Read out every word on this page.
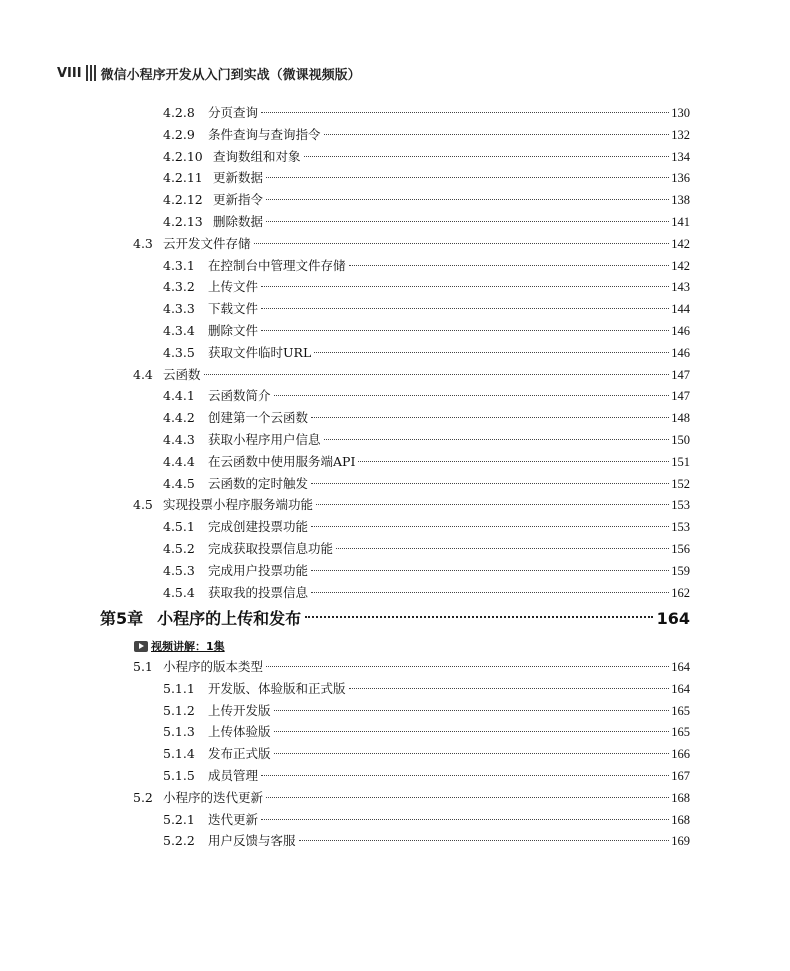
VIII 微信小程序开发从入门到实战（微课视频版）
4.2.8	分页查询	130
4.2.9	条件查询与查询指令	132
4.2.10 查询数组和对象	134
4.2.11 更新数据	136
4.2.12 更新指令	138
4.2.13 删除数据	141
4.3 云开发文件存储	142
4.3.1	在控制台中管理文件存储	142
4.3.2	上传文件	143
4.3.3	下载文件	144
4.3.4	删除文件	146
4.3.5	获取文件临时URL	146
4.4 云函数	147
4.4.1	云函数简介	147
4.4.2	创建第一个云函数	148
4.4.3	获取小程序用户信息	150
4.4.4	在云函数中使用服务端API	151
4.4.5	云函数的定时触发	152
4.5 实现投票小程序服务端功能	153
4.5.1	完成创建投票功能	153
4.5.2	完成获取投票信息功能	156
4.5.3	完成用户投票功能	159
4.5.4	获取我的投票信息	162
第5章 小程序的上传和发布	164
视频讲解：1集
5.1 小程序的版本类型	164
5.1.1	开发版、体验版和正式版	164
5.1.2	上传开发版	165
5.1.3	上传体验版	165
5.1.4	发布正式版	166
5.1.5	成员管理	167
5.2 小程序的迭代更新	168
5.2.1	迭代更新	168
5.2.2	用户反馈与客服	169
